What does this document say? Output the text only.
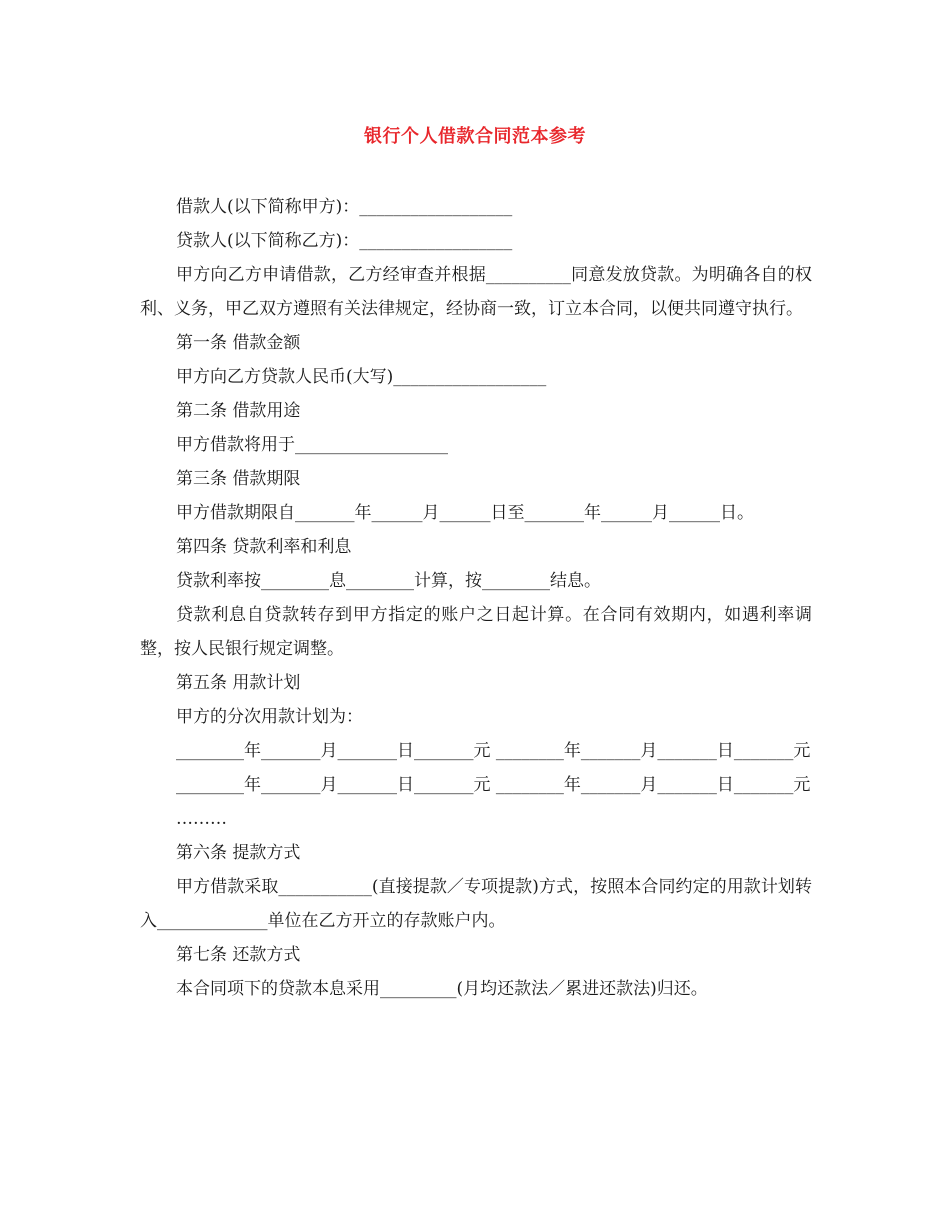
银行个人借款合同范本参考

借款人(以下简称甲方)：__________________

贷款人(以下简称乙方)：__________________

甲方向乙方申请借款，乙方经审查并根据__________同意发放贷款。为明确各自的权利、义务，甲乙双方遵照有关法律规定，经协商一致，订立本合同，以便共同遵守执行。

第一条 借款金额

甲方向乙方贷款人民币(大写)__________________

第二条 借款用途

甲方借款将用于__________________

第三条 借款期限

甲方借款期限自_______年______月______日至_______年______月______日。

第四条 贷款利率和利息

贷款利率按________息________计算，按________结息。

贷款利息自贷款转存到甲方指定的账户之日起计算。在合同有效期内，如遇利率调整，按人民银行规定调整。

第五条 用款计划

甲方的分次用款计划为：

________年_______月_______日_______元 ________年_______月_______日_______元

________年_______月_______日_______元 ________年_______月_______日_______元

………

第六条 提款方式

甲方借款采取___________(直接提款／专项提款)方式，按照本合同约定的用款计划转入_____________单位在乙方开立的存款账户内。

第七条 还款方式

本合同项下的贷款本息采用_________(月均还款法／累进还款法)归还。
